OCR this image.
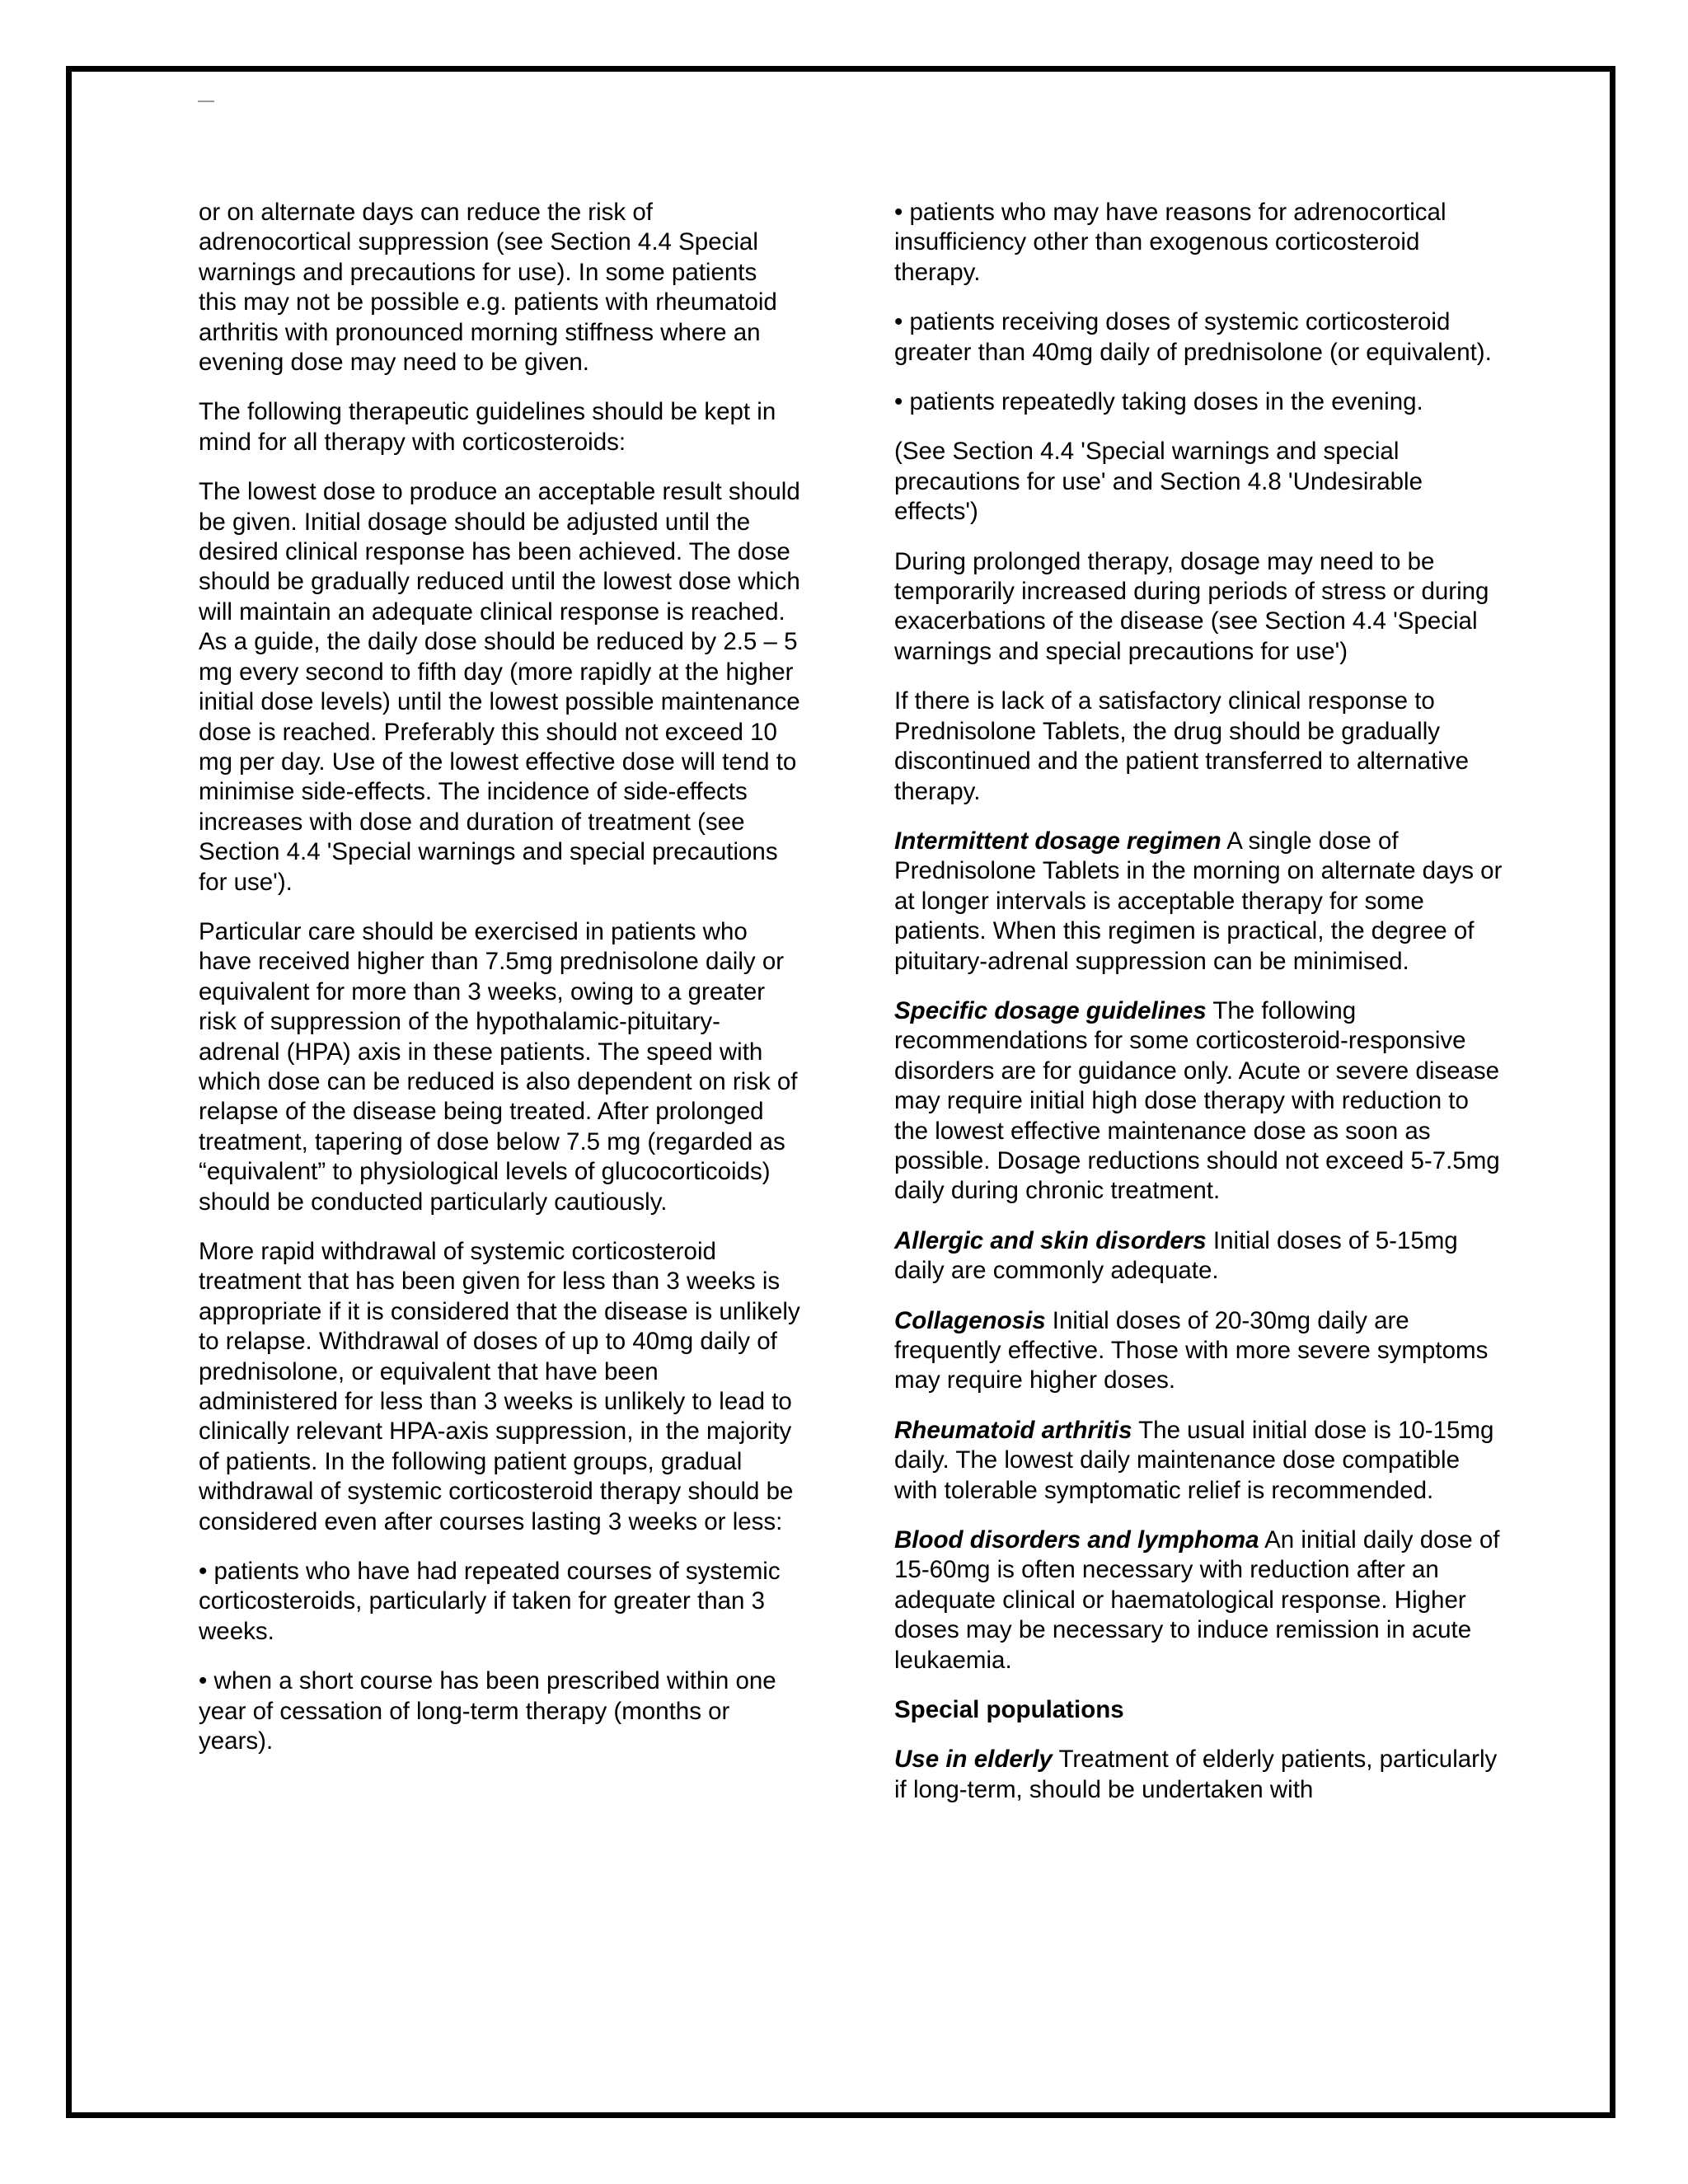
or on alternate days can reduce the risk of adrenocortical suppression (see Section 4.4 Special warnings and precautions for use). In some patients this may not be possible e.g. patients with rheumatoid arthritis with pronounced morning stiffness where an evening dose may need to be given.

The following therapeutic guidelines should be kept in mind for all therapy with corticosteroids:

The lowest dose to produce an acceptable result should be given. Initial dosage should be adjusted until the desired clinical response has been achieved. The dose should be gradually reduced until the lowest dose which will maintain an adequate clinical response is reached. As a guide, the daily dose should be reduced by 2.5 – 5 mg every second to fifth day (more rapidly at the higher initial dose levels) until the lowest possible maintenance dose is reached. Preferably this should not exceed 10 mg per day. Use of the lowest effective dose will tend to minimise side-effects. The incidence of side-effects increases with dose and duration of treatment (see Section 4.4 'Special warnings and special precautions for use').

Particular care should be exercised in patients who have received higher than 7.5mg prednisolone daily or equivalent for more than 3 weeks, owing to a greater risk of suppression of the hypothalamic-pituitary-adrenal (HPA) axis in these patients. The speed with which dose can be reduced is also dependent on risk of relapse of the disease being treated. After prolonged treatment, tapering of dose below 7.5 mg (regarded as “equivalent” to physiological levels of glucocorticoids) should be conducted particularly cautiously.

More rapid withdrawal of systemic corticosteroid treatment that has been given for less than 3 weeks is appropriate if it is considered that the disease is unlikely to relapse. Withdrawal of doses of up to 40mg daily of prednisolone, or equivalent that have been administered for less than 3 weeks is unlikely to lead to clinically relevant HPA-axis suppression, in the majority of patients. In the following patient groups, gradual withdrawal of systemic corticosteroid therapy should be considered even after courses lasting 3 weeks or less:

• patients who have had repeated courses of systemic corticosteroids, particularly if taken for greater than 3 weeks.

• when a short course has been prescribed within one year of cessation of long-term therapy (months or years).

• patients who may have reasons for adrenocortical insufficiency other than exogenous corticosteroid therapy.

• patients receiving doses of systemic corticosteroid greater than 40mg daily of prednisolone (or equivalent).

• patients repeatedly taking doses in the evening.

(See Section 4.4 'Special warnings and special precautions for use' and Section 4.8 'Undesirable effects')

During prolonged therapy, dosage may need to be temporarily increased during periods of stress or during exacerbations of the disease (see Section 4.4 'Special warnings and special precautions for use')

If there is lack of a satisfactory clinical response to Prednisolone Tablets, the drug should be gradually discontinued and the patient transferred to alternative therapy.

Intermittent dosage regimen A single dose of Prednisolone Tablets in the morning on alternate days or at longer intervals is acceptable therapy for some patients. When this regimen is practical, the degree of pituitary-adrenal suppression can be minimised.

Specific dosage guidelines The following recommendations for some corticosteroid-responsive disorders are for guidance only. Acute or severe disease may require initial high dose therapy with reduction to the lowest effective maintenance dose as soon as possible. Dosage reductions should not exceed 5-7.5mg daily during chronic treatment.

Allergic and skin disorders Initial doses of 5-15mg daily are commonly adequate.

Collagenosis Initial doses of 20-30mg daily are frequently effective. Those with more severe symptoms may require higher doses.

Rheumatoid arthritis The usual initial dose is 10-15mg daily. The lowest daily maintenance dose compatible with tolerable symptomatic relief is recommended.

Blood disorders and lymphoma An initial daily dose of 15-60mg is often necessary with reduction after an adequate clinical or haematological response. Higher doses may be necessary to induce remission in acute leukaemia.

Special populations

Use in elderly Treatment of elderly patients, particularly if long-term, should be undertaken with
